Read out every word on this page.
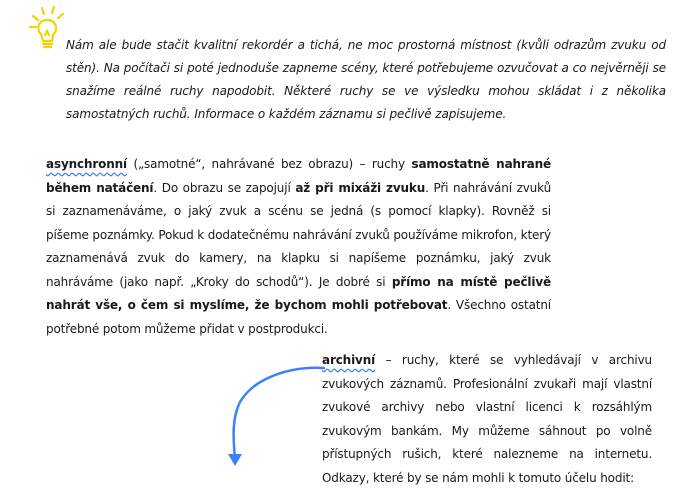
Nám ale bude stačit kvalitní rekordér a tichá, ne moc prostorná místnost (kvůli odrazům zvuku od stěn). Na počítači si poté jednoduše zapneme scény, které potřebujeme ozvučovat a co nejvěrněji se snažíme reálné ruchy napodobit. Některé ruchy se ve výsledku mohou skládat i z několika samostatných ruchů. Informace o každém záznamu si pečlivě zapisujeme.

asynchronní („samotné“, nahrávané bez obrazu) – ruchy samostatně nahrané během natáčení. Do obrazu se zapojují až při mixáži zvuku. Při nahrávání zvuků si zaznamenáváme, o jaký zvuk a scénu se jedná (s pomocí klapky). Rovněž si píšeme poznámky. Pokud k dodatečnému nahrávání zvuků používáme mikrofon, který zaznamenává zvuk do kamery, na klapku si napíšeme poznámku, jaký zvuk nahráváme (jako např. „Kroky do schodů“). Je dobré si přímo na místě pečlivě nahrát vše, o čem si myslíme, že bychom mohli potřebovat. Všechno ostatní potřebné potom můžeme přidat v postprodukci.

archivní – ruchy, které se vyhledávají v archivu zvukových záznamů. Profesionální zvukaři mají vlastní zvukové archivy nebo vlastní licenci k rozsáhlým zvukovým bankám. My můžeme sáhnout po volně přístupných rušich, které nalezneme na internetu. Odkazy, které by se nám mohli k tomuto účelu hodit:
